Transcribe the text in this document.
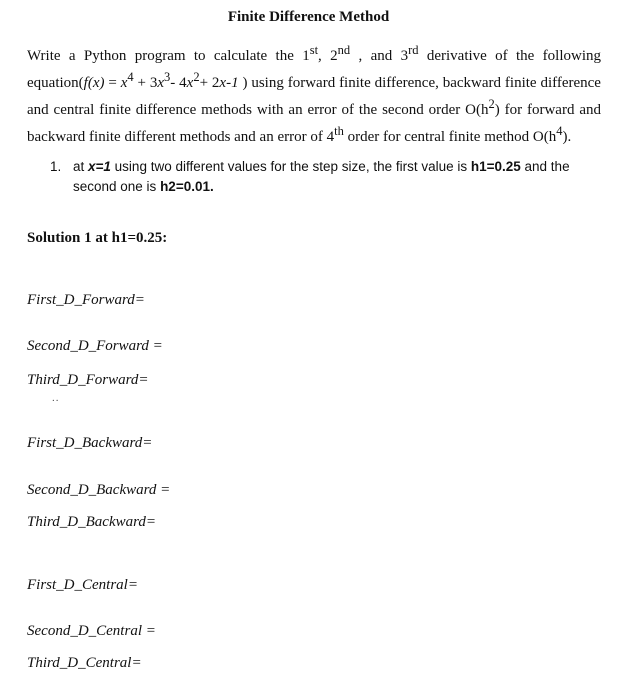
Finite Difference Method
Write a Python program to calculate the 1st, 2nd , and 3rd derivative of the following equation(f(x) = $x^4 + 3x^3-$ $4x^2+ 2x-1$ ) using forward finite difference, backward finite difference and central finite difference methods with an error of the second order $O(h^2)$ for forward and backward finite different methods and an error of 4th order for central finite method $O(h^4)$.
1. at x=1 using two different values for the step size, the first value is h1=0.25 and the second one is h2=0.01.
Solution 1 at h1=0.25:
First_D_Forward=
Second_D_Forward =
Third_D_Forward=
..
First_D_Backward=
Second_D_Backward =
Third_D_Backward=
First_D_Central=
Second_D_Central =
Third_D_Central=
